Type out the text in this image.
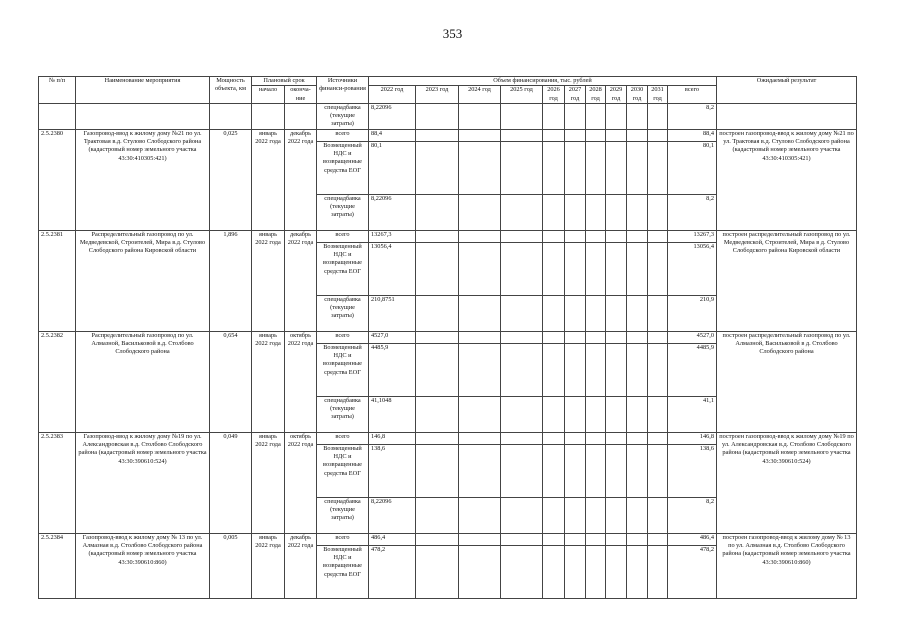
353
№ п/п	Наименование мероприятия	Мощность объекта, км	Плановый срок		Источники финанси-рования	Объем финансирования, тыс. рублей											Ожидаемый результат
			начало	оконча-ние		2022 год	2023 год	2024 год	2025 год	2026 год	2027 год	2028 год	2029 год	2030 год	2031 год	всего	
					спецнадбавка (текущие затраты)	8,22096										8,2	
2.5.2380	Газопровод-ввод к жилому дому №21 по ул. Трактовая в.д. Стулово Слободского района (кадастровый номер земельного участка 43:30:410305:421)	0,025	январь 2022 года	декабрь 2022 года	всего	88,4										88,4	построен газопровод-ввод к жилому дому №21 по ул. Трактовая в.д. Стулово Слободского района (кадастровый номер земельного участка 43:30:410305:421)
					Возмещенный НДС и возвращенные средства ЕОГ	80,1										80,1	
					спецнадбавка (текущие затраты)	8,22096										8,2	
2.5.2381	Распределительный газопровод по ул. Медведевской, Строителей, Мира в.д. Стулово Слободского района Кировской области	1,896	январь 2022 года	декабрь 2022 года	всего	13267,3										13267,3	построен распределительный газопровод по ул. Медведевской, Строителей, Мира в д. Стулово Слободского района Кировской области
					Возмещенный НДС и возвращенные средства ЕОГ	13056,4										13056,4	
					спецнадбавка (текущие затраты)	210,8751										210,9	
2.5.2382	Распределительный газопровод по ул. Алмазной, Васильковой в.д. Столбово Слободского района	0,654	январь 2022 года	октябрь 2022 года	всего	4527,0										4527,0	построен распределительный газопровод по ул. Алмазной, Васильковой в д. Столбово Слободского района
					Возмещенный НДС и возвращенные средства ЕОГ	4485,9										4485,9	
					спецнадбавка (текущие затраты)	41,1048										41,1	
2.5.2383	Газопровод-ввод к жилому дому №19 по ул. Александровская в.д. Столбово Слободского района (кадастровый номер земельного участка 43:30:390610:524)	0,049	январь 2022 года	октябрь 2022 года	всего	146,8										146,8	построен газопровод-ввод к жилому дому №19 по ул. Александровская в.д. Столбово Слободского района (кадастровый номер земельного участка 43:30:390610:524)
					Возмещенный НДС и возвращенные средства ЕОГ	138,6										138,6	
					спецнадбавка (текущие затраты)	8,22096										8,2	
2.5.2384	Газопровод-ввод к жилому дому № 13 по ул. Алмазная в.д. Столбово Слободского района (кадастровый номер земельного участка 43:30:390610:860)	0,005	январь 2022 года	декабрь 2022 года	всего	486,4										486,4	построен газопровод-ввод к жилому дому № 13 по ул. Алмазная в.д. Столбово Слободского района (кадастровый номер земельного участка 43:30:390610:860)
					Возмещенный НДС и возвращенные средства ЕОГ	478,2										478,2	
